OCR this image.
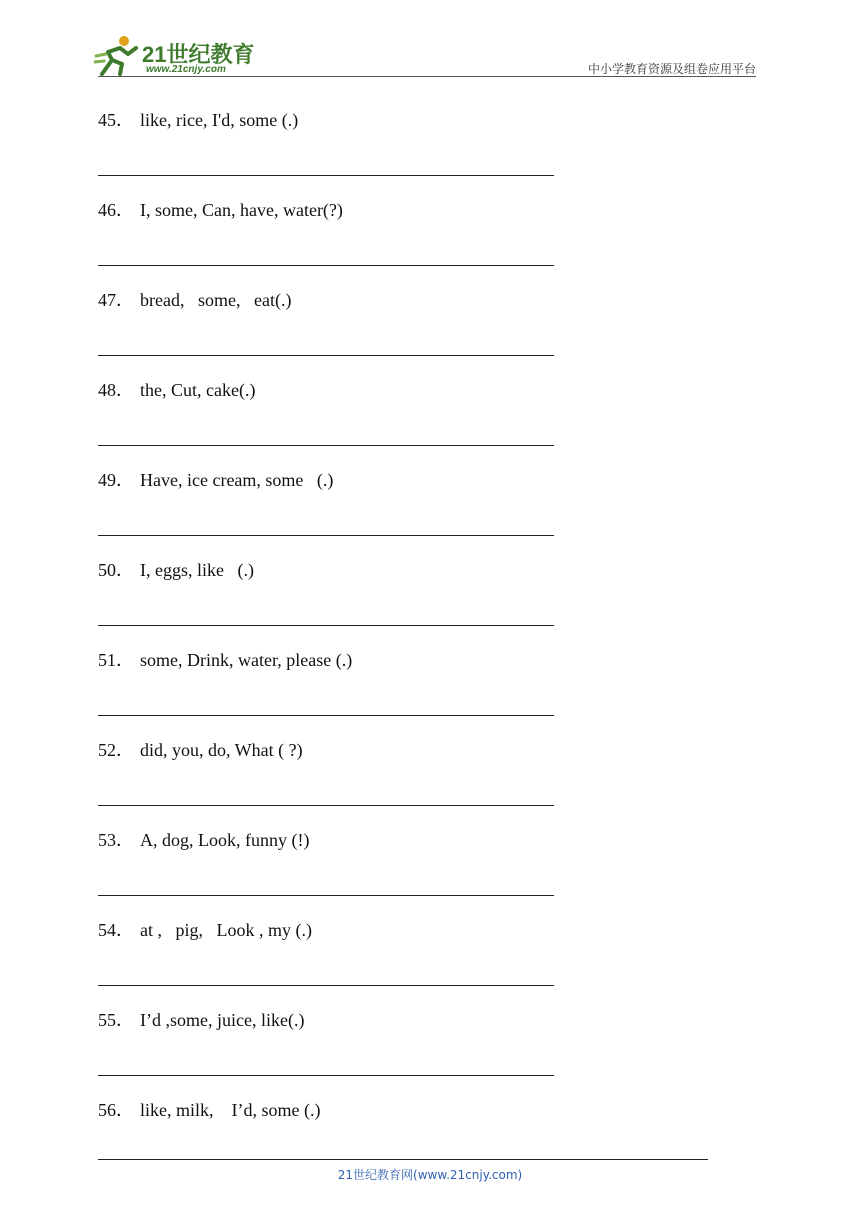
21世纪教育
www.21cnjy.com	中小学教育资源及组卷应用平台
45． like, rice, I'd, some (.)
46． I, some, Can, have, water(?)
47． bread,   some,   eat(.)
48． the, Cut, cake(.)
49． Have, ice cream, some   (.)
50． I, eggs, like   (.)
51． some, Drink, water, please (.)
52． did, you, do, What ( ?)
53． A, dog, Look, funny (!)
54． at ,   pig,   Look , my (.)
55． I’d ,some, juice, like(.)
56． like, milk,    I’d, some (.)
21世纪教育网(www.21cnjy.com)
